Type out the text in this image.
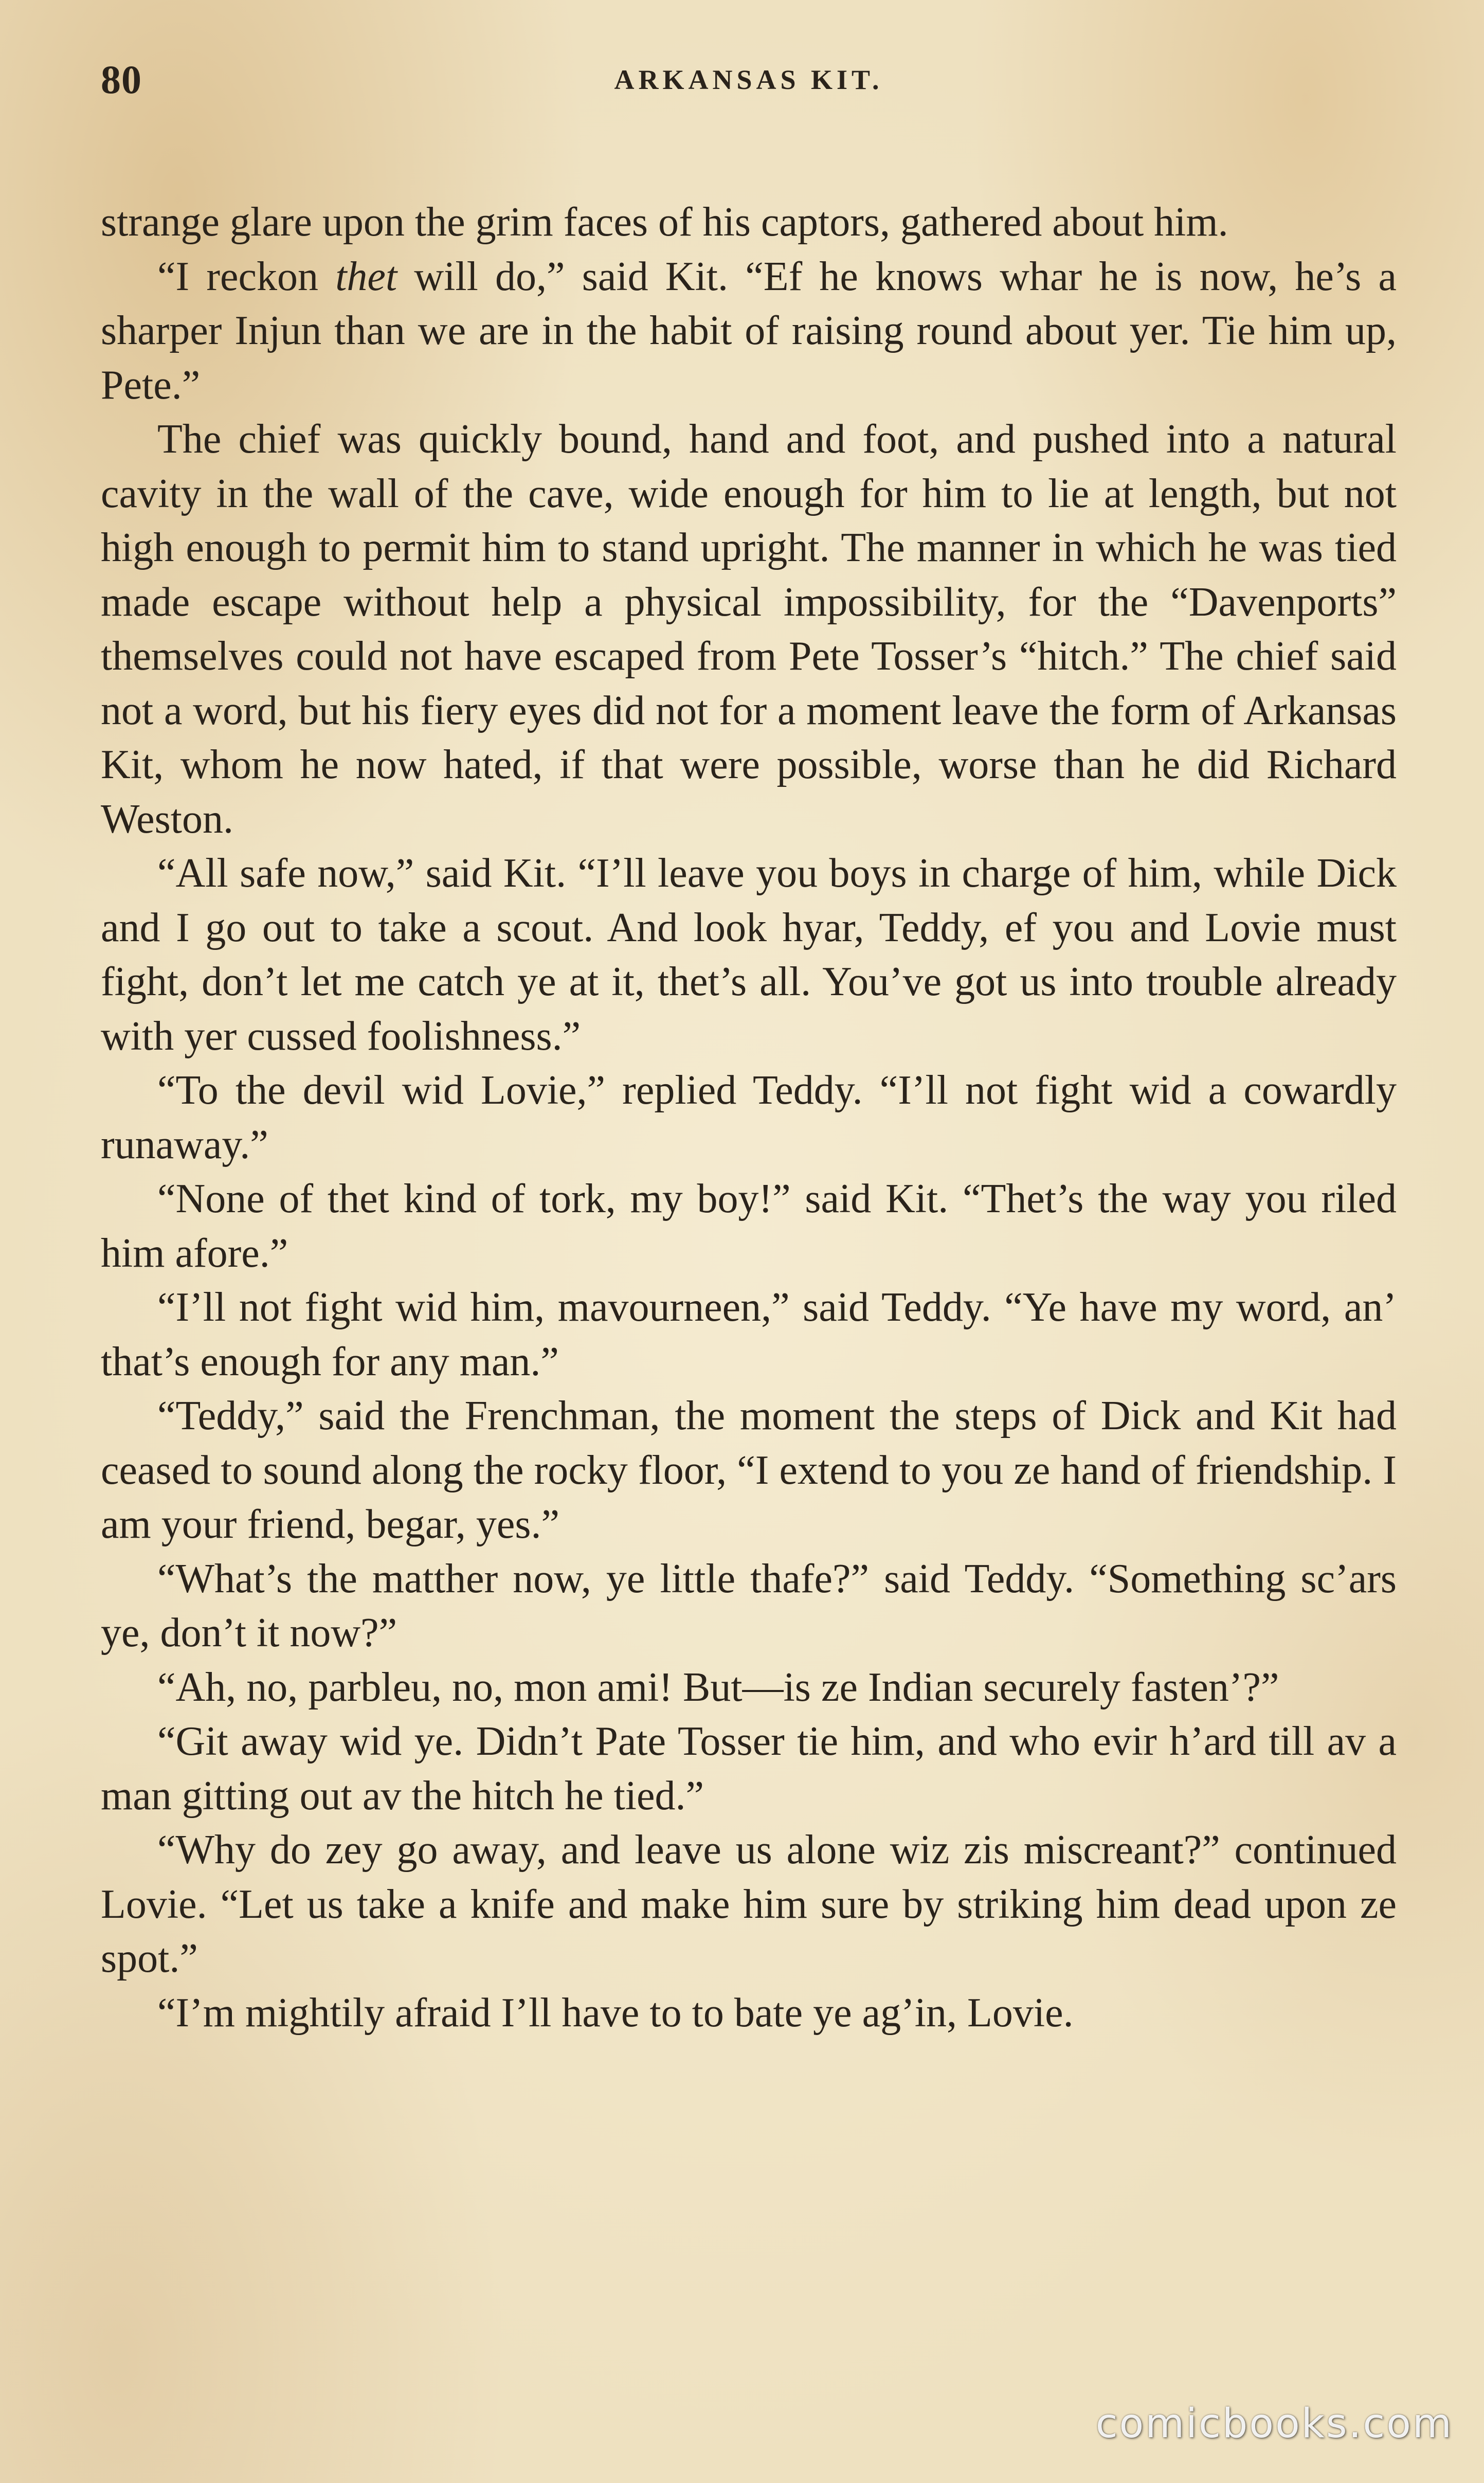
80	ARKANSAS KIT.

strange glare upon the grim faces of his captors, gathered about him.

“I reckon thet will do,” said Kit. “Ef he knows whar he is now, he’s a sharper Injun than we are in the habit of raising round about yer. Tie him up, Pete.”

The chief was quickly bound, hand and foot, and pushed into a natural cavity in the wall of the cave, wide enough for him to lie at length, but not high enough to permit him to stand upright. The manner in which he was tied made escape without help a physical impossibility, for the “Davenports” themselves could not have escaped from Pete Tosser’s “hitch.” The chief said not a word, but his fiery eyes did not for a moment leave the form of Arkansas Kit, whom he now hated, if that were possible, worse than he did Richard Weston.

“All safe now,” said Kit. “I’ll leave you boys in charge of him, while Dick and I go out to take a scout. And look hyar, Teddy, ef you and Lovie must fight, don’t let me catch ye at it, thet’s all. You’ve got us into trouble already with yer cussed foolishness.”

“To the devil wid Lovie,” replied Teddy. “I’ll not fight wid a cowardly runaway.”

“None of thet kind of tork, my boy!” said Kit. “Thet’s the way you riled him afore.”

“I’ll not fight wid him, mavourneen,” said Teddy. “Ye have my word, an’ that’s enough for any man.”

“Teddy,” said the Frenchman, the moment the steps of Dick and Kit had ceased to sound along the rocky floor, “I extend to you ze hand of friendship. I am your friend, begar, yes.”

“What’s the matther now, ye little thafe?” said Teddy. “Something sc’ars ye, don’t it now?”

“Ah, no, parbleu, no, mon ami! But—is ze Indian securely fasten’?”

“Git away wid ye. Didn’t Pate Tosser tie him, and who evir h’ard till av a man gitting out av the hitch he tied.”

“Why do zey go away, and leave us alone wiz zis miscreant?” continued Lovie. “Let us take a knife and make him sure by striking him dead upon ze spot.”

“I’m mightily afraid I’ll have to to bate ye ag’in, Lovie.

comicbooks.com
